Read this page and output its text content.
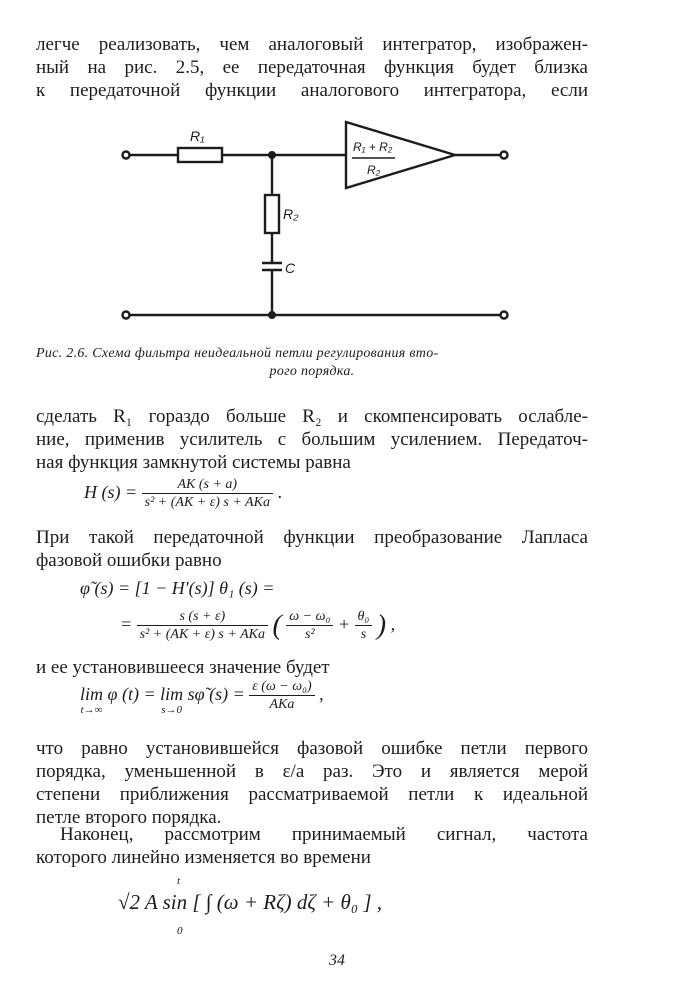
легче реализовать, чем аналоговый интегратор, изображен-
ный на рис. 2.5, ее передаточная функция будет близка
к передаточной функции аналогового интегратора, если
R₁
R₂
C
R₁ + R₂
R₂
Рис. 2.6. Схема фильтра неидеальной петли регулирования вто-
рого порядка.
сделать R₁ гораздо больше R₂ и скомпенсировать ослабле-
ние, применив усилитель с большим усилением. Передаточ-
ная функция замкнутой системы равна
H $(s) = \frac{AK (s + a)}{\text{s² + (AK + ε) s + AKa}}$ .
При такой передаточной функции преобразование Лапласа
фазовой ошибки равно
φ̃ (s) = [1 − H′(s)] θ₁ (s) =
= $\frac{s (s + \varepsilon)}{\text{s² + (AK + ε) s + AKa}}$ ( $\frac{\text{ω − ω₀}}{\text{s²}} + \frac{\text{θ₀}}{s}$ ) ,
и ее установившееся значение будет
lim
t→∞
φ (t) = lim
s→0
sφ̃ $(s) = \frac{\text{ε (ω − ω₀)}}{\text{AKa}}$ ,
что равно установившейся фазовой ошибке петли первого
порядка, уменьшенной в ε/a раз. Это и является мерой
степени приближения рассматриваемой петли к идеальной
петле второго порядка.
Наконец, рассмотрим принимаемый сигнал, частота
которого линейно изменяется во времени
√2 A sin [ ∫ (ω + Rζ) dζ + θ₀ ] ,
t
0
34
